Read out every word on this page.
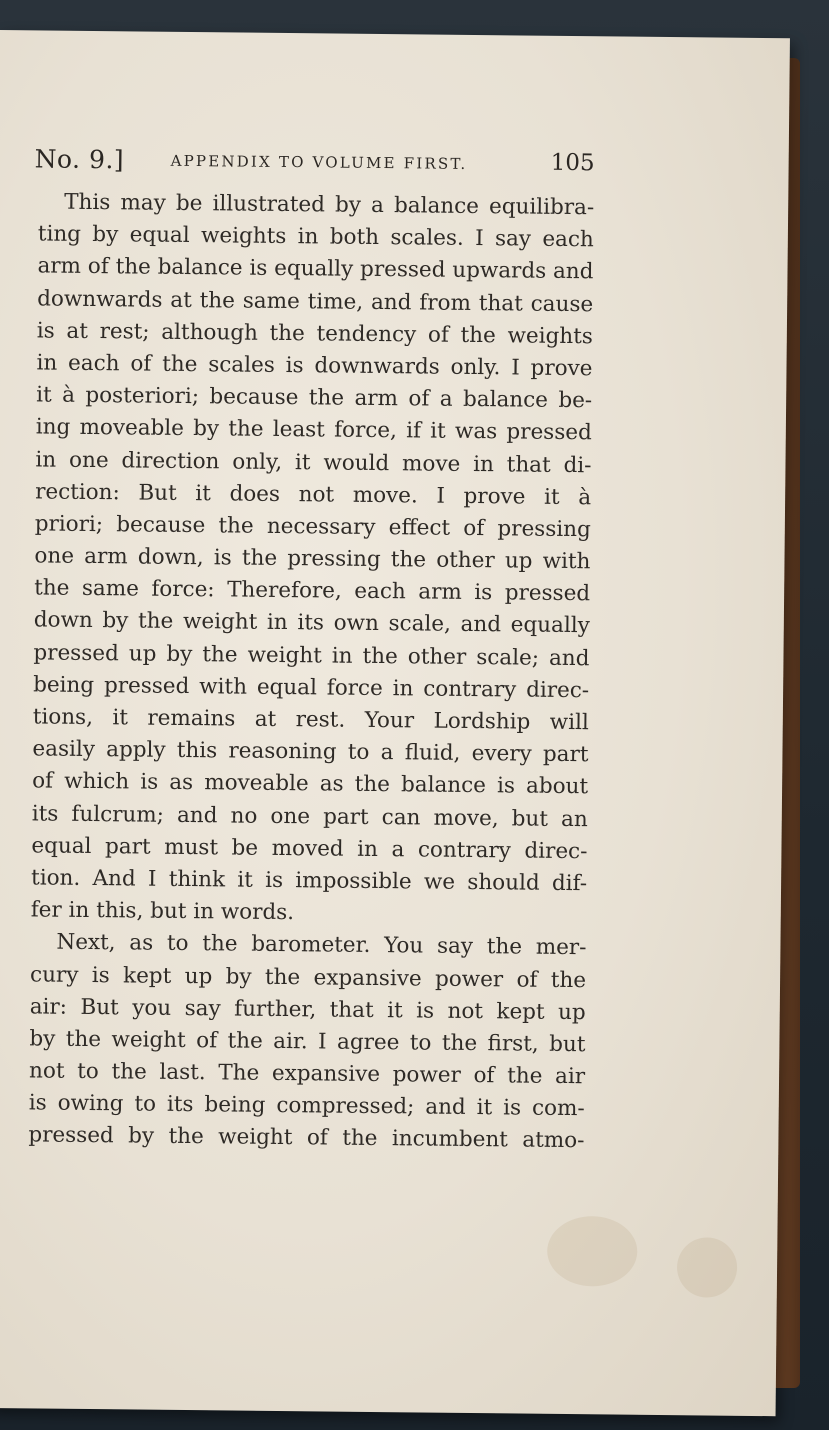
No. 9.]	APPENDIX TO VOLUME FIRST.	105
This may be illustrated by a balance equilibra-
ting by equal weights in both scales. I say each
arm of the balance is equally pressed upwards and
downwards at the same time, and from that cause
is at rest; although the tendency of the weights
in each of the scales is downwards only. I prove
it à posteriori; because the arm of a balance be-
ing moveable by the least force, if it was pressed
in one direction only, it would move in that di-
rection: But it does not move. I prove it à
priori; because the necessary effect of pressing
one arm down, is the pressing the other up with
the same force: Therefore, each arm is pressed
down by the weight in its own scale, and equally
pressed up by the weight in the other scale; and
being pressed with equal force in contrary direc-
tions, it remains at rest. Your Lordship will
easily apply this reasoning to a fluid, every part
of which is as moveable as the balance is about
its fulcrum; and no one part can move, but an
equal part must be moved in a contrary direc-
tion. And I think it is impossible we should dif-
fer in this, but in words.
Next, as to the barometer. You say the mer-
cury is kept up by the expansive power of the
air: But you say further, that it is not kept up
by the weight of the air. I agree to the first, but
not to the last. The expansive power of the air
is owing to its being compressed; and it is com-
pressed by the weight of the incumbent atmo-
